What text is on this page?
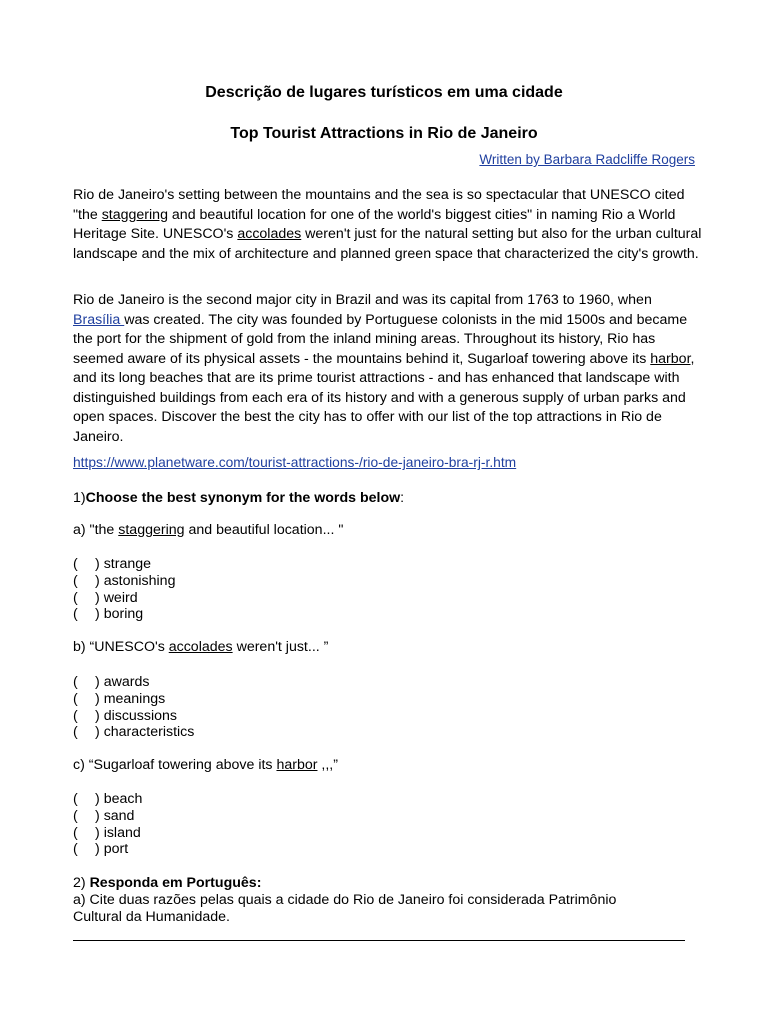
Descrição de lugares turísticos em uma cidade
Top Tourist Attractions in Rio de Janeiro
Written by Barbara Radcliffe Rogers

Rio de Janeiro's setting between the mountains and the sea is so spectacular that UNESCO cited "the staggering and beautiful location for one of the world's biggest cities" in naming Rio a World Heritage Site. UNESCO's accolades weren't just for the natural setting but also for the urban cultural landscape and the mix of architecture and planned green space that characterized the city's growth.

Rio de Janeiro is the second major city in Brazil and was its capital from 1763 to 1960, when Brasília was created. The city was founded by Portuguese colonists in the mid 1500s and became the port for the shipment of gold from the inland mining areas. Throughout its history, Rio has seemed aware of its physical assets - the mountains behind it, Sugarloaf towering above its harbor, and its long beaches that are its prime tourist attractions - and has enhanced that landscape with distinguished buildings from each era of its history and with a generous supply of urban parks and open spaces. Discover the best the city has to offer with our list of the top attractions in Rio de Janeiro.

https://www.planetware.com/tourist-attractions-/rio-de-janeiro-bra-rj-r.htm
1)Choose the best synonym for the words below:
a) "the staggering and beautiful location... "
( ) strange
( ) astonishing
( ) weird
( ) boring
b) “UNESCO's accolades weren't just... ”
( ) awards
( ) meanings
( ) discussions
( ) characteristics
c) “Sugarloaf towering above its harbor ,,,”
( ) beach
( ) sand
( ) island
( ) port
2) Responda em Português:
a) Cite duas razões pelas quais a cidade do Rio de Janeiro foi considerada Patrimônio
Cultural da Humanidade.
